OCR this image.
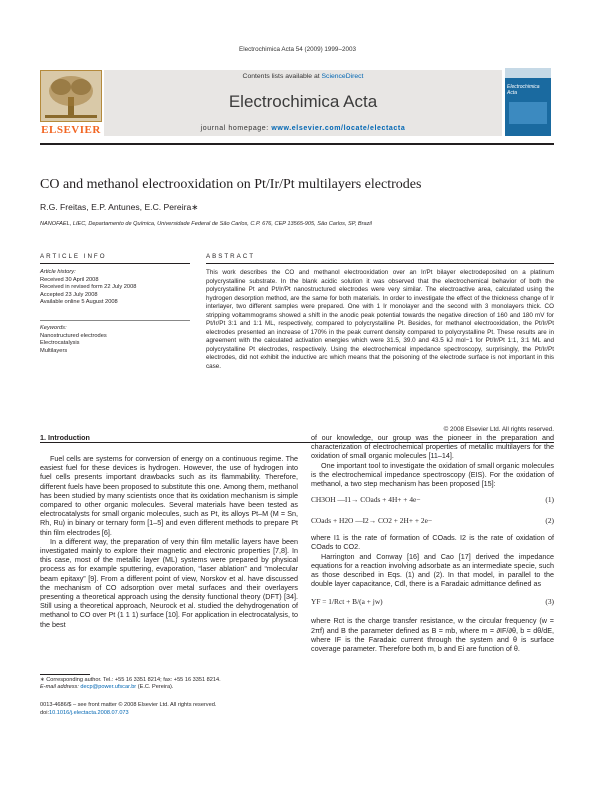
Electrochimica Acta 54 (2009) 1999–2003
ELSEVIER
Contents lists available at ScienceDirect
Electrochimica Acta
journal homepage: www.elsevier.com/locate/electacta
Electrochimica Acta
CO and methanol electrooxidation on Pt/Ir/Pt multilayers electrodes
R.G. Freitas, E.P. Antunes, E.C. Pereira∗
NANOFAEL, LIEC, Departamento de Química, Universidade Federal de São Carlos, C.P. 676, CEP 13565-905, São Carlos, SP, Brazil
ARTICLE INFO	ABSTRACT
Article history:
Received 30 April 2008
Received in revised form 22 July 2008
Accepted 23 July 2008
Available online 5 August 2008
Keywords:
Nanostructured electrodes
Electrocatalysis
Multilayers
This work describes the CO and methanol electrooxidation over an Ir/Pt bilayer electrodeposited on a platinum polycrystalline substrate. In the blank acidic solution it was observed that the electrochemical behavior of both the polycrystalline Pt and Pt/Ir/Pt nanostructured electrodes were very similar. The electroactive area, calculated using the hydrogen desorption method, are the same for both materials. In order to investigate the effect of the thickness change of Ir interlayer, two different samples were prepared. One with 1 Ir monolayer and the second with 3 monolayers thick. CO stripping voltammograms showed a shift in the anodic peak potential towards the negative direction of 160 and 180 mV for Pt/Ir/Pt 3:1 and 1:1 ML, respectively, compared to polycrystalline Pt. Besides, for methanol electrooxidation, the Pt/Ir/Pt electrodes presented an increase of 170% in the peak current density compared to polycrystalline Pt. These results are in agreement with the calculated activation energies which were 31.5, 39.0 and 43.5 kJ mol−1 for Pt/Ir/Pt 1:1, 3:1 ML and polycrystalline Pt electrodes, respectively. Using the electrochemical impedance spectroscopy, surprisingly, the Pt/Ir/Pt electrodes, did not exhibit the inductive arc which means that the poisoning of the electrode surface is not important in this case.
© 2008 Elsevier Ltd. All rights reserved.
1. Introduction

Fuel cells are systems for conversion of energy on a continuous regime. The easiest fuel for these devices is hydrogen. However, the use of hydrogen into fuel cells presents important drawbacks such as its flammability. Therefore, different fuels have been proposed to substitute this one. Among them, methanol has been studied by many scientists once that its oxidation mechanism is simple compared to other organic molecules. Several materials have been tested as electrocatalysts for small organic molecules, such as Pt, its alloys Pt–M (M = Sn, Rh, Ru) in binary or ternary form [1–5] and even different methods to prepare Pt thin film electrodes [6].

In a different way, the preparation of very thin film metallic layers have been investigated mainly to explore their magnetic and electronic properties [7,8]. In this case, most of the metallic layer (ML) systems were prepared by physical process as for example sputtering, evaporation, “laser ablation” and “molecular beam epitaxy” [9]. From a different point of view, Norskov et al. have discussed the mechanism of CO adsorption over metal surfaces and their overlayers presenting a theoretical approach using the density functional theory (DFT) [34]. Still using a theoretical approach, Neurock et al. studied the dehydrogenation of methanol to CO over Pt (1 1 1) surface [10]. For application in electrocatalysis, to the best

of our knowledge, our group was the pioneer in the preparation and characterization of electrochemical properties of metallic multilayers for the oxidation of small organic molecules [11–14].

One important tool to investigate the oxidation of small organic molecules is the electrochemical impedance spectroscopy (EIS). For the oxidation of methanol, a two step mechanism has been proposed [15]:

CH3OH —I1→ COads + 4H+ + 4e−	(1)
COads + H2O —I2→ CO2 + 2H+ + 2e−	(2)

where I1 is the rate of formation of COads. I2 is the rate of oxidation of COads to CO2.

Harrington and Conway [16] and Cao [17] derived the impedance equations for a reaction involving adsorbate as an intermediate specie, such as those described in Eqs. (1) and (2). In that model, in parallel to the double layer capacitance, Cdl, there is a Faradaic admittance defined as

YF = 1/Rct + B/(a + jw)	(3)

where Rct is the charge transfer resistance, w the circular frequency (w = 2πf) and B the parameter defined as B = mb, where m = ∂IF/∂θ, b = dθ/dE, where IF is the Faradaic current through the system and θ is surface coverage parameter. Therefore both m, b and Ei are function of θ.

∗ Corresponding author. Tel.: +55 16 3351 8214; fax: +55 16 3351 8214.
E-mail address: decp@power.ufscar.br (E.C. Pereira).
0013-4686/$ – see front matter © 2008 Elsevier Ltd. All rights reserved.
doi:10.1016/j.electacta.2008.07.073
